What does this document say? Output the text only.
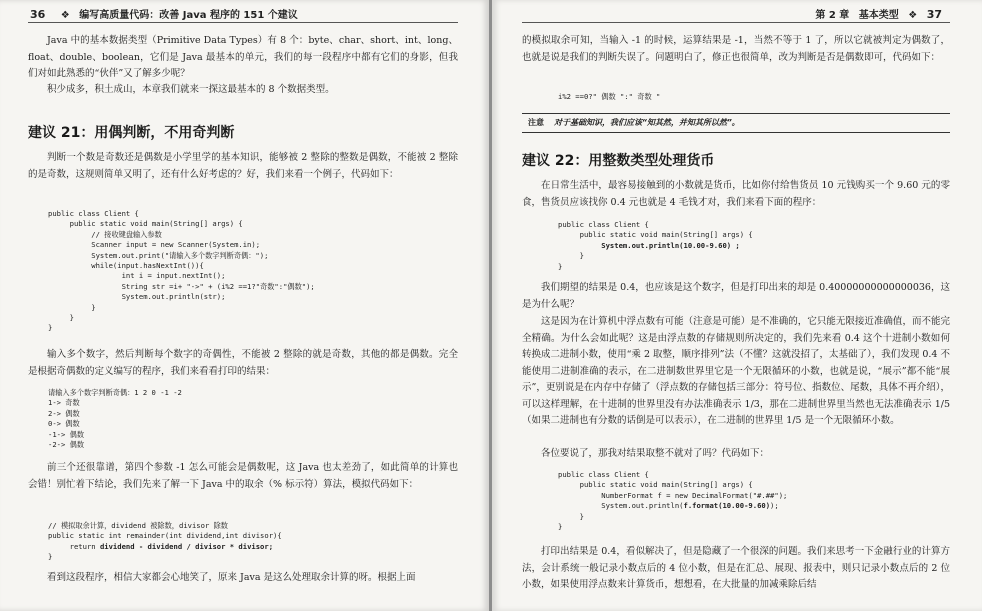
36 ❖ 编写高质量代码：改善 Java 程序的 151 个建议
Java 中的基本数据类型（Primitive Data Types）有 8 个：byte、char、short、int、long、float、double、boolean，它们是 Java 最基本的单元，我们的每一段程序中都有它们的身影，但我们对如此熟悉的“伙伴”又了解多少呢？
积少成多，积土成山，本章我们就来一探这最基本的 8 个数据类型。
建议 21：用偶判断，不用奇判断
判断一个数是奇数还是偶数是小学里学的基本知识，能够被 2 整除的整数是偶数，不能被 2 整除的是奇数，这规则简单又明了，还有什么好考虑的？好，我们来看一个例子，代码如下：
public class Client {
public static void main(String[] args) {
// 接收键盘输入参数
Scanner input = new Scanner(System.in);
System.out.print("请输入多个数字判断奇偶：");
while(input.hasNextInt()){
int i = input.nextInt();
String str =i+ "->" + (i%2 ==1?"奇数":"偶数");
System.out.println(str);
}
}
}
输入多个数字，然后判断每个数字的奇偶性，不能被 2 整除的就是奇数，其他的都是偶数。完全是根据奇偶数的定义编写的程序，我们来看看打印的结果：
请输入多个数字判断奇偶：1 2 0 -1 -2
1-> 奇数
2-> 偶数
0-> 偶数
-1-> 偶数
-2-> 偶数
前三个还很靠谱，第四个参数 -1 怎么可能会是偶数呢，这 Java 也太差劲了，如此简单的计算也会错！别忙着下结论，我们先来了解一下 Java 中的取余（% 标示符）算法，模拟代码如下：
// 模拟取余计算，dividend 被除数，divisor 除数
public static int remainder(int dividend,int divisor){
return dividend - dividend / divisor * divisor;
}
看到这段程序，相信大家都会心地笑了，原来 Java 是这么处理取余计算的呀。根据上面
第 2 章 基本类型 ❖ 37
的模拟取余可知，当输入 -1 的时候，运算结果是 -1，当然不等于 1 了，所以它就被判定为偶数了，也就是说是我们的判断失误了。问题明白了，修正也很简单，改为判断是否是偶数即可，代码如下：
i%2 ==0?" 偶数 ":" 奇数 "
注意 对于基础知识，我们应该“知其然，并知其所以然”。
建议 22：用整数类型处理货币
在日常生活中，最容易接触到的小数就是货币，比如你付给售货员 10 元钱购买一个 9.60 元的零食，售货员应该找你 0.4 元也就是 4 毛钱才对，我们来看下面的程序：
public class Client {
public static void main(String[] args) {
System.out.println(10.00-9.60) ;
}
}
我们期望的结果是 0.4，也应该是这个数字，但是打印出来的却是 0.40000000000000036，这是为什么呢？
这是因为在计算机中浮点数有可能（注意是可能）是不准确的，它只能无限接近准确值，而不能完全精确。为什么会如此呢？这是由浮点数的存储规则所决定的，我们先来看 0.4 这个十进制小数如何转换成二进制小数，使用“乘 2 取整，顺序排列”法（不懂？这就没招了，太基础了），我们发现 0.4 不能使用二进制准确的表示，在二进制数世界里它是一个无限循环的小数，也就是说，“展示”都不能“展示”，更别说是在内存中存储了（浮点数的存储包括三部分：符号位、指数位、尾数，具体不再介绍），可以这样理解，在十进制的世界里没有办法准确表示 1/3，那在二进制世界里当然也无法准确表示 1/5（如果二进制也有分数的话倒是可以表示），在二进制的世界里 1/5 是一个无限循环小数。
各位要说了，那我对结果取整不就对了吗？代码如下：
public class Client {
public static void main(String[] args) {
NumberFormat f = new DecimalFormat("#.##");
System.out.println(f.format(10.00-9.60));
}
}
打印出结果是 0.4，看似解决了，但是隐藏了一个很深的问题。我们来思考一下金融行业的计算方法，会计系统一般记录小数点后的 4 位小数，但是在汇总、展现、报表中，则只记录小数点后的 2 位小数，如果使用浮点数来计算货币，想想看，在大批量的加减乘除后结
